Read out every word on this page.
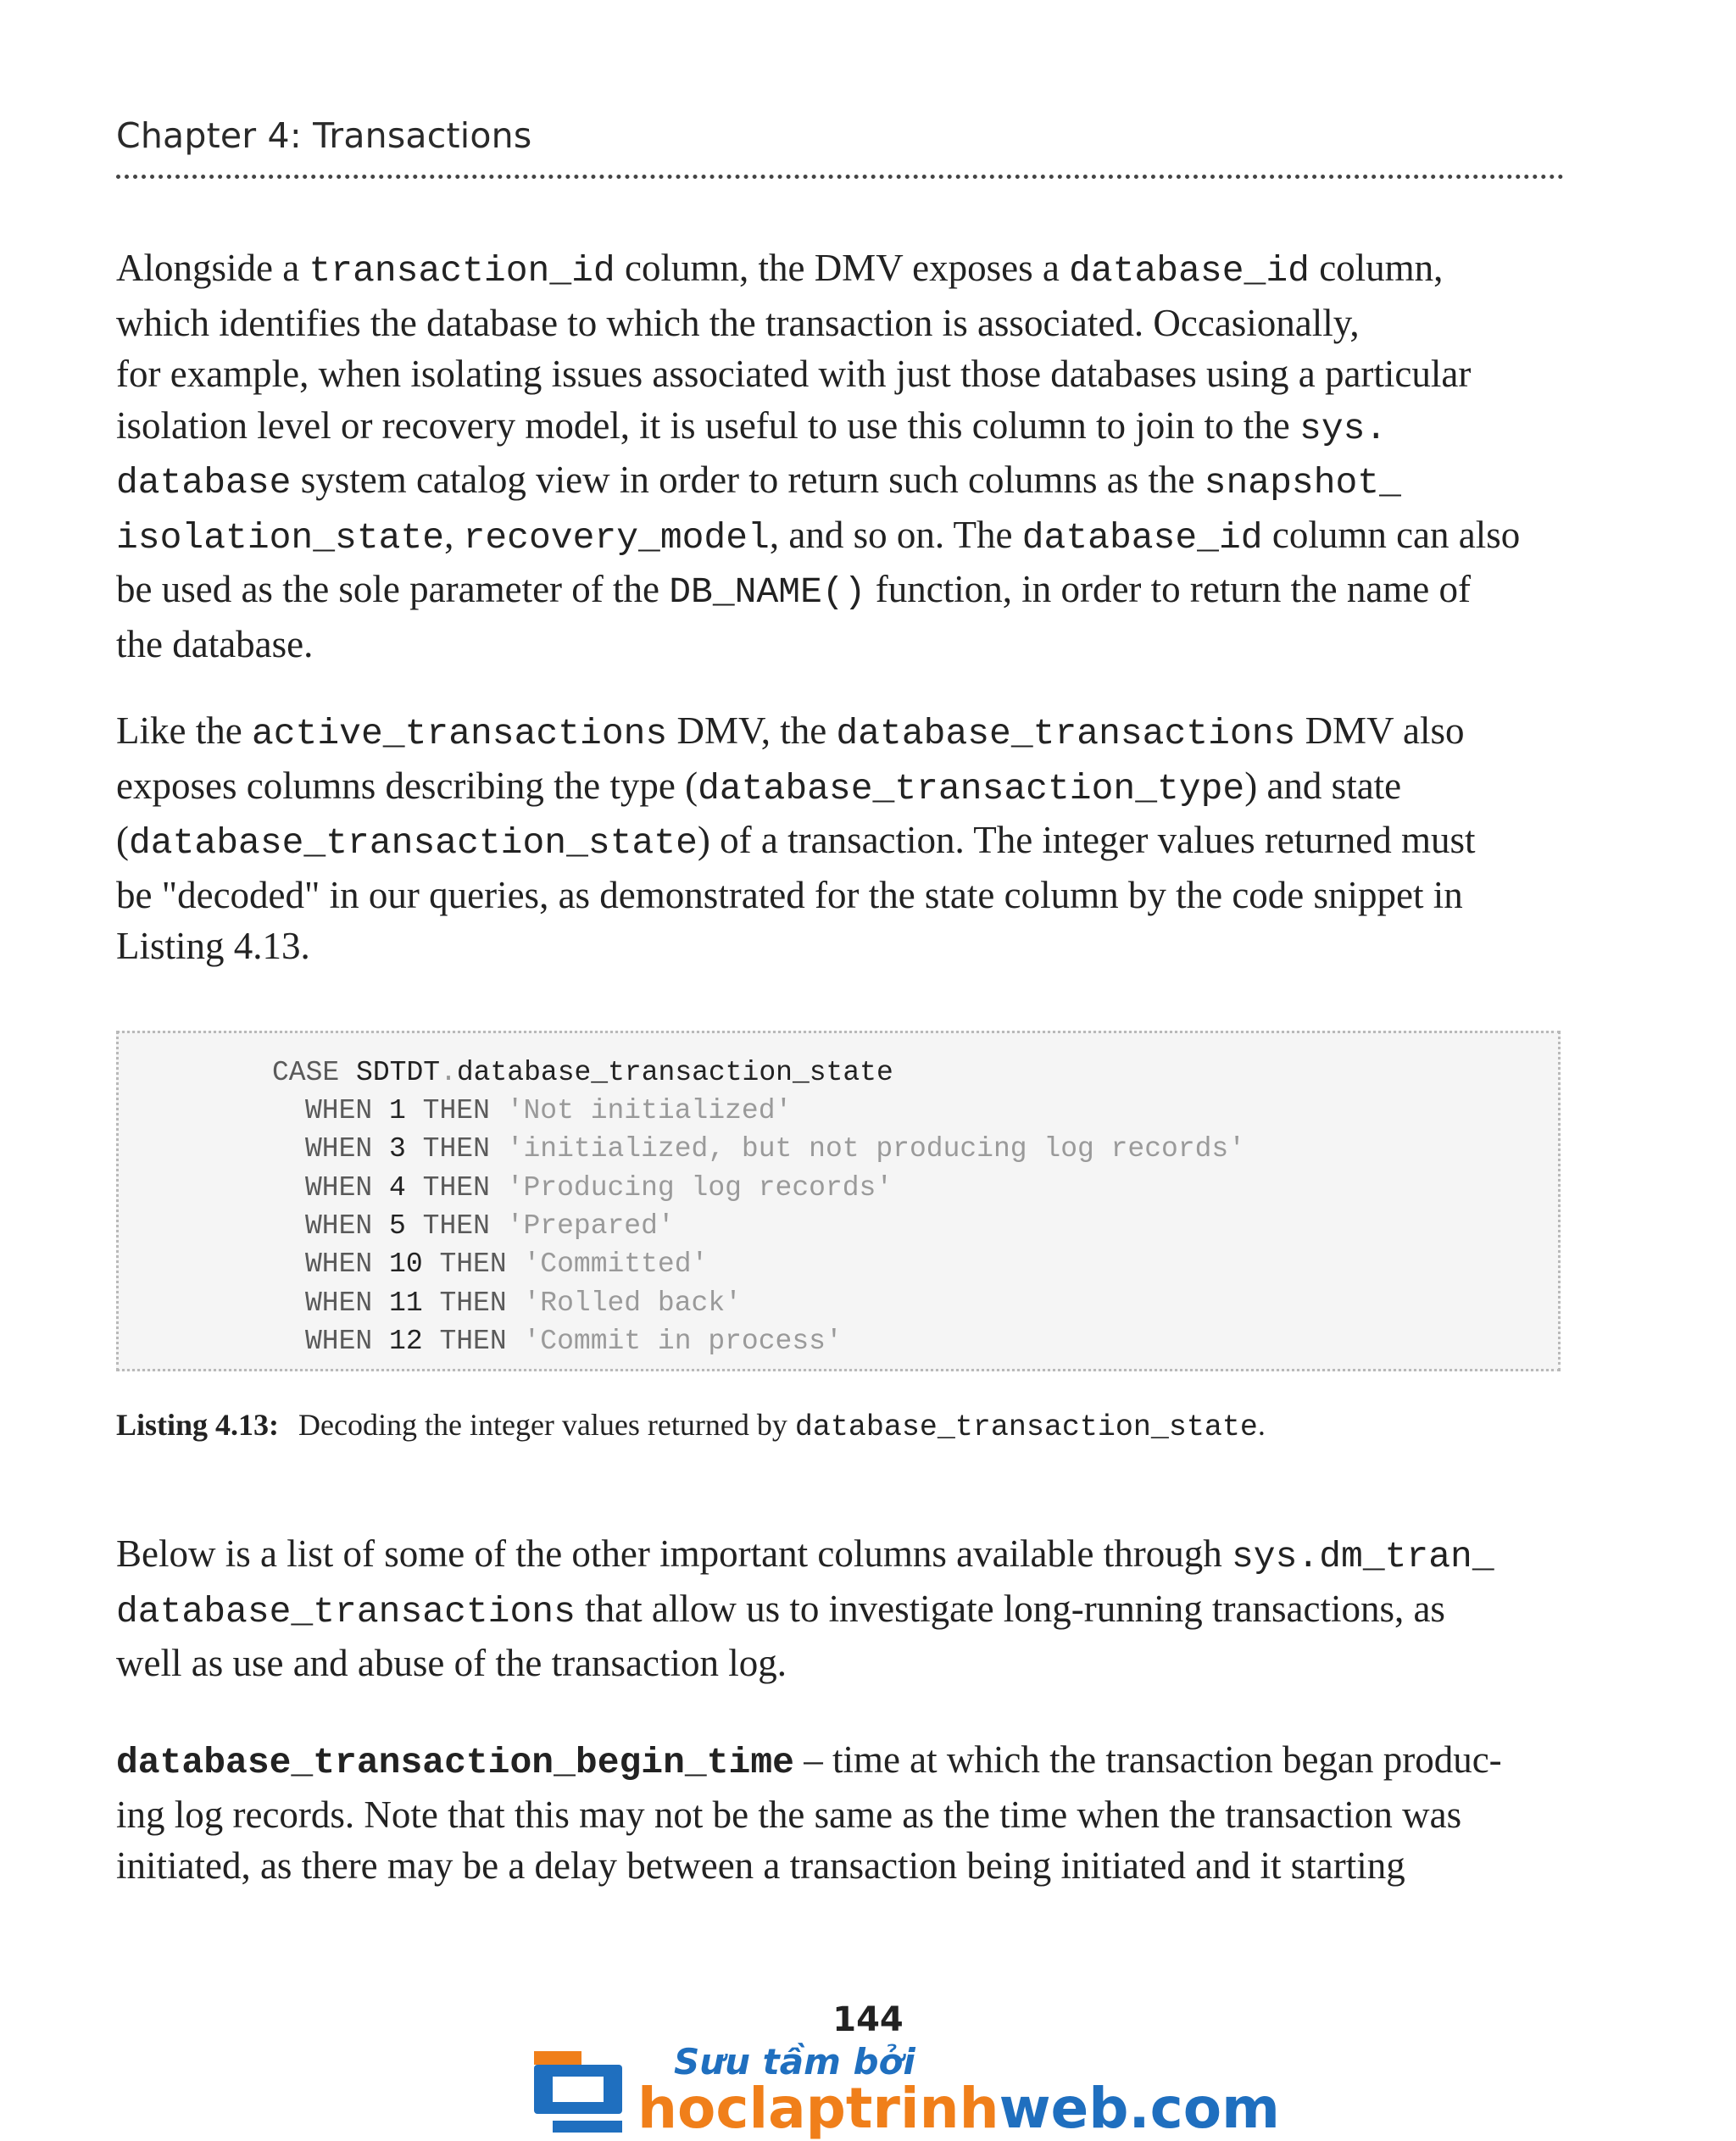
Chapter 4: Transactions
Alongside a transaction_id column, the DMV exposes a database_id column,
which identifies the database to which the transaction is associated. Occasionally,
for example, when isolating issues associated with just those databases using a particular
isolation level or recovery model, it is useful to use this column to join to the sys.
database system catalog view in order to return such columns as the snapshot_
isolation_state, recovery_model, and so on. The database_id column can also
be used as the sole parameter of the DB_NAME() function, in order to return the name of
the database.
Like the active_transactions DMV, the database_transactions DMV also
exposes columns describing the type (database_transaction_type) and state
(database_transaction_state) of a transaction. The integer values returned must
be "decoded" in our queries, as demonstrated for the state column by the code snippet in
Listing 4.13.
CASE SDTDT.database_transaction_state
WHEN 1 THEN 'Not initialized'
WHEN 3 THEN 'initialized, but not producing log records'
WHEN 4 THEN 'Producing log records'
WHEN 5 THEN 'Prepared'
WHEN 10 THEN 'Committed'
WHEN 11 THEN 'Rolled back'
WHEN 12 THEN 'Commit in process'
Listing 4.13: Decoding the integer values returned by database_transaction_state.
Below is a list of some of the other important columns available through sys.dm_tran_
database_transactions that allow us to investigate long-running transactions, as
well as use and abuse of the transaction log.
database_transaction_begin_time – time at which the transaction began produc-
ing log records. Note that this may not be the same as the time when the transaction was
initiated, as there may be a delay between a transaction being initiated and it starting
144
Sưu tầm bởi
hoclaptrinhweb.com
